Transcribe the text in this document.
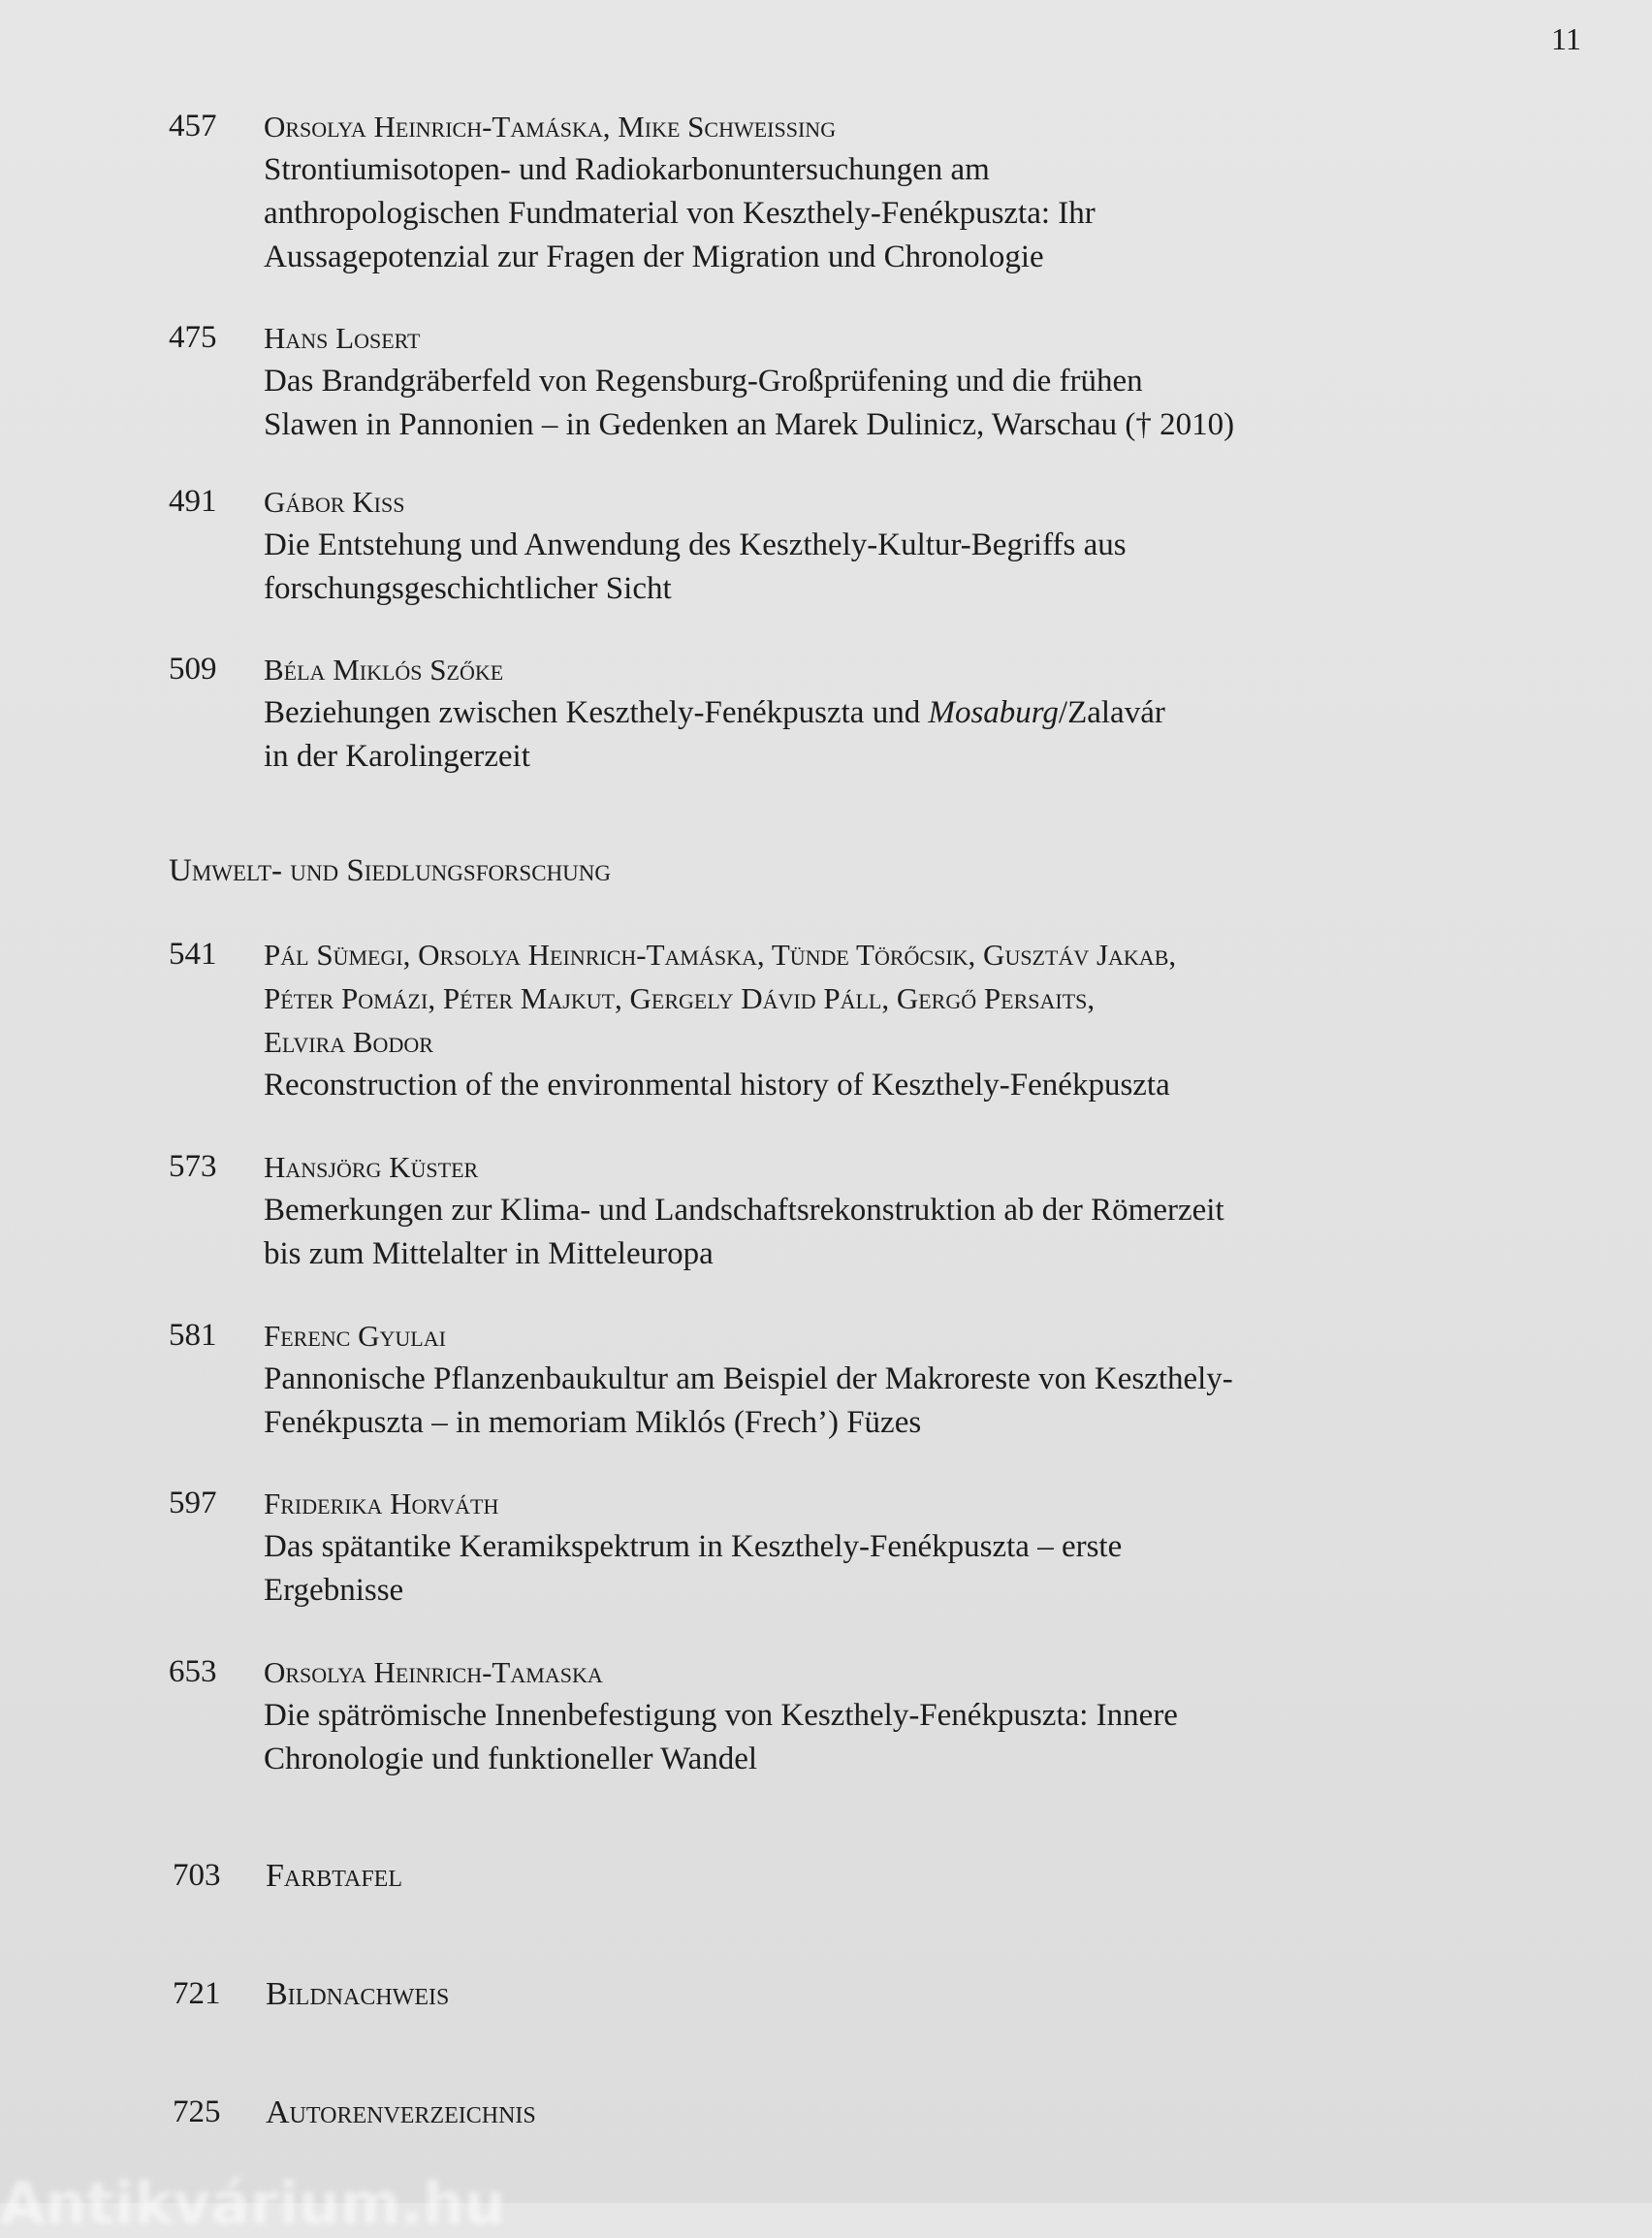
11
457 Orsolya Heinrich-Tamáska, Mike Schweissing
Strontiumisotopen- und Radiokarbonuntersuchungen am
anthropologischen Fundmaterial von Keszthely-Fenékpuszta: Ihr
Aussagepotenzial zur Fragen der Migration und Chronologie
475 Hans Losert
Das Brandgräberfeld von Regensburg-Großprüfening und die frühen
Slawen in Pannonien – in Gedenken an Marek Dulinicz, Warschau († 2010)
491 Gábor Kiss
Die Entstehung und Anwendung des Keszthely-Kultur-Begriffs aus
forschungsgeschichtlicher Sicht
509 Béla Miklós Szőke
Beziehungen zwischen Keszthely-Fenékpuszta und Mosaburg/Zalavár
in der Karolingerzeit
Umwelt- und Siedlungsforschung
541 Pál Sümegi, Orsolya Heinrich-Tamáska, Tünde Törőcsik, Gusztáv Jakab,
Péter Pomázi, Péter Majkut, Gergely Dávid Páll, Gergő Persaits,
Elvira Bodor
Reconstruction of the environmental history of Keszthely-Fenékpuszta
573 Hansjörg Küster
Bemerkungen zur Klima- und Landschaftsrekonstruktion ab der Römerzeit
bis zum Mittelalter in Mitteleuropa
581 Ferenc Gyulai
Pannonische Pflanzenbaukultur am Beispiel der Makroreste von Keszthely-
Fenékpuszta – in memoriam Miklós (Frech’) Füzes
597 Friderika Horváth
Das spätantike Keramikspektrum in Keszthely-Fenékpuszta – erste
Ergebnisse
653 Orsolya Heinrich-Tamaska
Die spätrömische Innenbefestigung von Keszthely-Fenékpuszta: Innere
Chronologie und funktioneller Wandel
703 Farbtafel
721 Bildnachweis
725 Autorenverzeichnis
Antikvárium.hu
